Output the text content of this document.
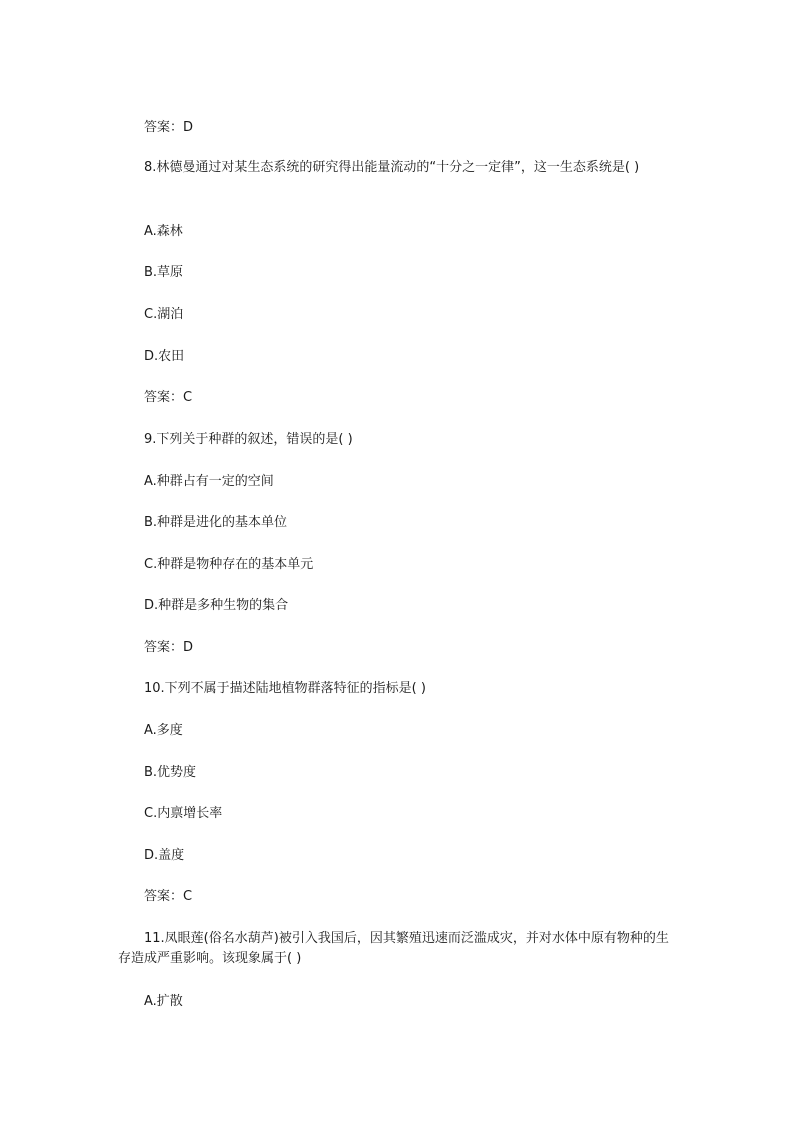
答案：D
8.林德曼通过对某生态系统的研究得出能量流动的“十分之一定律”，这一生态系统是( )
A.森林
B.草原
C.湖泊
D.农田
答案：C
9.下列关于种群的叙述，错误的是( )
A.种群占有一定的空间
B.种群是进化的基本单位
C.种群是物种存在的基本单元
D.种群是多种生物的集合
答案：D
10.下列不属于描述陆地植物群落特征的指标是( )
A.多度
B.优势度
C.内禀增长率
D.盖度
答案：C
11.凤眼莲(俗名水葫芦)被引入我国后，因其繁殖迅速而泛滥成灾，并对水体中原有物种的生存造成严重影响。该现象属于( )
A.扩散
